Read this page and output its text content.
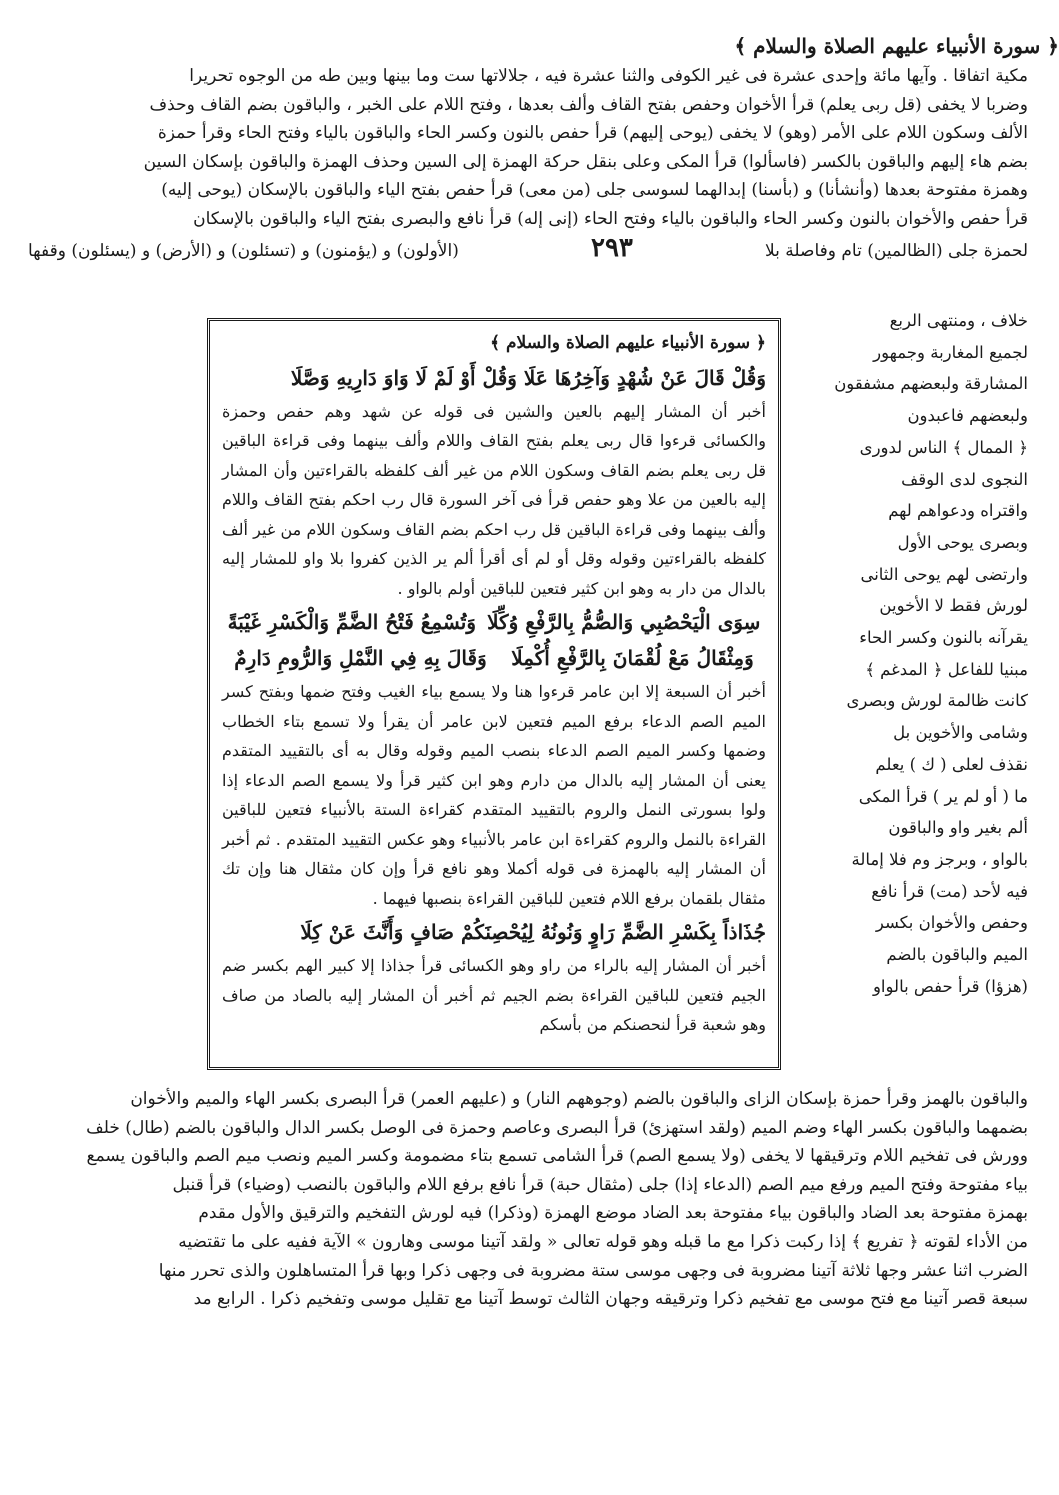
﴿ سورة الأنبياء عليهم الصلاة والسلام ﴾

مكية اتفاقا . وآيها مائة وإحدى عشرة فى غير الكوفى والثنا عشرة فيه ، جلالاتها ست وما بينها وبين طه من الوجوه تحريرا

وضربا لا يخفى (قل ربى يعلم) قرأ الأخوان وحفص بفتح القاف وألف بعدها ، وفتح اللام على الخبر ، والباقون بضم القاف وحذف

الألف وسكون اللام على الأمر (وهو) لا يخفى (يوحى إليهم) قرأ حفص بالنون وكسر الحاء والباقون بالياء وفتح الحاء وقرأ حمزة

بضم هاء إليهم والباقون بالكسر (فاسألوا) قرأ المكى وعلى بنقل حركة الهمزة إلى السين وحذف الهمزة والباقون بإسكان السين

وهمزة مفتوحة بعدها (وأنشأنا) و (بأسنا) إبدالهما لسوسى جلى (من معى) قرأ حفص بفتح الياء والباقون بالإسكان (يوحى إليه)

قرأ حفص والأخوان بالنون وكسر الحاء والباقون بالياء وفتح الحاء (إنى إله) قرأ نافع والبصرى بفتح الياء والباقون بالإسكان

(الأولون) و (يؤمنون) و (تسئلون) و (الأرض) و (يسئلون) وقفها	٢٩٣	لحمزة جلى (الظالمين) تام وفاصلة بلا

خلاف ، ومنتهى الربع

لجميع المغاربة وجمهور

المشارقة ولبعضهم مشفقون

ولبعضهم فاعبدون

﴿ الممال ﴾ الناس لدورى

النجوى لدى الوقف

واقتراه ودعواهم لهم

وبصرى يوحى الأول

وارتضى لهم يوحى الثانى

لورش فقط لا الأخوين

يقرآنه بالنون وكسر الحاء

مبنيا للفاعل ﴿ المدغم ﴾

كانت ظالمة لورش وبصرى

وشامى والأخوين بل

نقذف لعلى ( ك ) يعلم

ما ( أو لم ير ) قرأ المكى

ألم بغير واو والباقون

بالواو ، وبرجز وم فلا إمالة

فيه لأحد (مت) قرأ نافع

وحفص والأخوان بكسر

الميم والباقون بالضم

(هزؤا) قرأ حفص بالواو

﴿ سورة الأنبياء عليهم الصلاة والسلام ﴾
وَقُلْ قَالَ عَنْ شُهْدٍ وَآخِرُهَا عَلَا وَقُلْ أَوْ لَمْ لَا وَاوَ دَارِيهِ وَصَّلَا

أخبر أن المشار إليهم بالعين والشين فى قوله عن شهد وهم حفص وحمزة والكسائى قرءوا قال ربى يعلم بفتح القاف واللام وألف بينهما وفى قراءة الباقين قل ربى يعلم بضم القاف وسكون اللام من غير ألف كلفظه بالقراءتين وأن المشار إليه بالعين من علا وهو حفص قرأ فى آخر السورة قال رب احكم بفتح القاف واللام وألف بينهما وفى قراءة الباقين قل رب احكم بضم القاف وسكون اللام من غير ألف كلفظه بالقراءتين وقوله وقل أو لم أى أقرأ ألم ير الذين كفروا بلا واو للمشار إليه بالدال من دار به وهو ابن كثير فتعين للباقين أولم بالواو .

وَتُسْمِعُ فَتْحُ الضَّمِّ وَالْكَسْرِ غَيْبَةً سِوَى الْيَحْصُبِي وَالصُّمُّ بِالرَّفْعِ وُكِّلَا
وَقَالَ بِهِ فِي النَّمْلِ وَالرُّومِ دَارِمٌ وَمِثْقَالُ مَعْ لُقْمَانَ بِالرَّفْعِ أُكْمِلَا

أخبر أن السبعة إلا ابن عامر قرءوا هنا ولا يسمع بياء الغيب وفتح ضمها وبفتح كسر الميم الصم الدعاء برفع الميم فتعين لابن عامر أن يقرأ ولا تسمع بتاء الخطاب وضمها وكسر الميم الصم الدعاء بنصب الميم وقوله وقال به أى بالتقييد المتقدم يعنى أن المشار إليه بالدال من دارم وهو ابن كثير قرأ ولا يسمع الصم الدعاء إذا ولوا بسورتى النمل والروم بالتقييد المتقدم كقراءة الستة بالأنبياء فتعين للباقين القراءة بالنمل والروم كقراءة ابن عامر بالأنبياء وهو عكس التقييد المتقدم . ثم أخبر أن المشار إليه بالهمزة فى قوله أكملا وهو نافع قرأ وإن كان مثقال هنا وإن تك مثقال بلقمان برفع اللام فتعين للباقين القراءة بنصبها فيهما .

جُذَاذاً بِكَسْرِ الضَّمِّ رَاوٍ وَنُونُهُ لِيُحْصِنَكُمْ صَافٍ وَأَنَّثَ عَنْ كِلَا

أخبر أن المشار إليه بالراء من راو وهو الكسائى قرأ جذاذا إلا كبير الهم بكسر ضم الجيم فتعين للباقين القراءة بضم الجيم ثم أخبر أن المشار إليه بالصاد من صاف وهو شعبة قرأ لنحصنكم من بأسكم

والباقون بالهمز وقرأ حمزة بإسكان الزاى والباقون بالضم (وجوههم النار) و (عليهم العمر) قرأ البصرى بكسر الهاء والميم والأخوان

بضمهما والباقون بكسر الهاء وضم الميم (ولقد استهزئ) قرأ البصرى وعاصم وحمزة فى الوصل بكسر الدال والباقون بالضم (طال) خلف

وورش فى تفخيم اللام وترقيقها لا يخفى (ولا يسمع الصم) قرأ الشامى تسمع بتاء مضمومة وكسر الميم ونصب ميم الصم والباقون يسمع

بياء مفتوحة وفتح الميم ورفع ميم الصم (الدعاء إذا) جلى (مثقال حبة) قرأ نافع برفع اللام والباقون بالنصب (وضياء) قرأ قنبل

بهمزة مفتوحة بعد الضاد والباقون بياء مفتوحة بعد الضاد موضع الهمزة (وذكرا) فيه لورش التفخيم والترقيق والأول مقدم

من الأداء لقوته ﴿ تفريع ﴾ إذا ركبت ذكرا مع ما قبله وهو قوله تعالى « ولقد آتينا موسى وهارون » الآية ففيه على ما تقتضيه

الضرب اثنا عشر وجها ثلاثة آتينا مضروبة فى وجهى موسى ستة مضروبة فى وجهى ذكرا وبها قرأ المتساهلون والذى تحرر منها

سبعة قصر آتينا مع فتح موسى مع تفخيم ذكرا وترقيقه وجهان الثالث توسط آتينا مع تقليل موسى وتفخيم ذكرا . الرابع مد
